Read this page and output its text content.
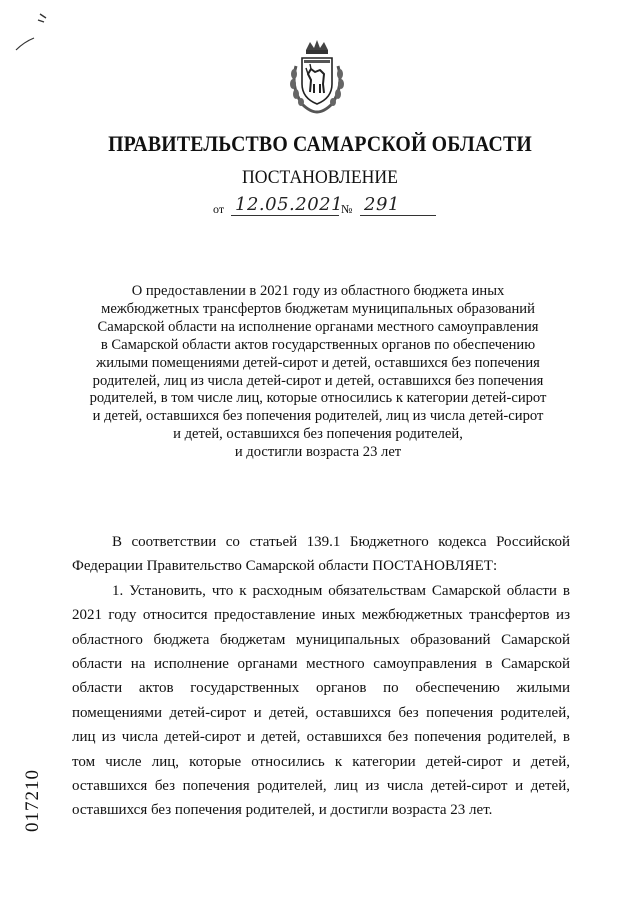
ПРАВИТЕЛЬСТВО САМАРСКОЙ ОБЛАСТИ
ПОСТАНОВЛЕНИЕ
от 12.05.2021
№ 291
О предоставлении в 2021 году из областного бюджета иных
межбюджетных трансфертов бюджетам муниципальных образований
Самарской области на исполнение органами местного самоуправления
в Самарской области актов государственных органов по обеспечению
жилыми помещениями детей-сирот и детей, оставшихся без попечения
родителей, лиц из числа детей-сирот и детей, оставшихся без попечения
родителей, в том числе лиц, которые относились к категории детей-сирот
и детей, оставшихся без попечения родителей, лиц из числа детей-сирот
и детей, оставшихся без попечения родителей,
и достигли возраста 23 лет

В соответствии со статьей 139.1 Бюджетного кодекса Российской Федерации Правительство Самарской области ПОСТАНОВЛЯЕТ:

1. Установить, что к расходным обязательствам Самарской области в 2021 году относится предоставление иных межбюджетных трансфертов из областного бюджета бюджетам муниципальных образований Самарской области на исполнение органами местного самоуправления в Самарской области актов государственных органов по обеспечению жилыми помещениями детей-сирот и детей, оставшихся без попечения родителей, лиц из числа детей-сирот и детей, оставшихся без попечения родителей, в том числе лиц, которые относились к категории детей-сирот и детей, оставшихся без попечения родителей, лиц из числа детей-сирот и детей, оставшихся без попечения родителей, и достигли возраста 23 лет.

017210
